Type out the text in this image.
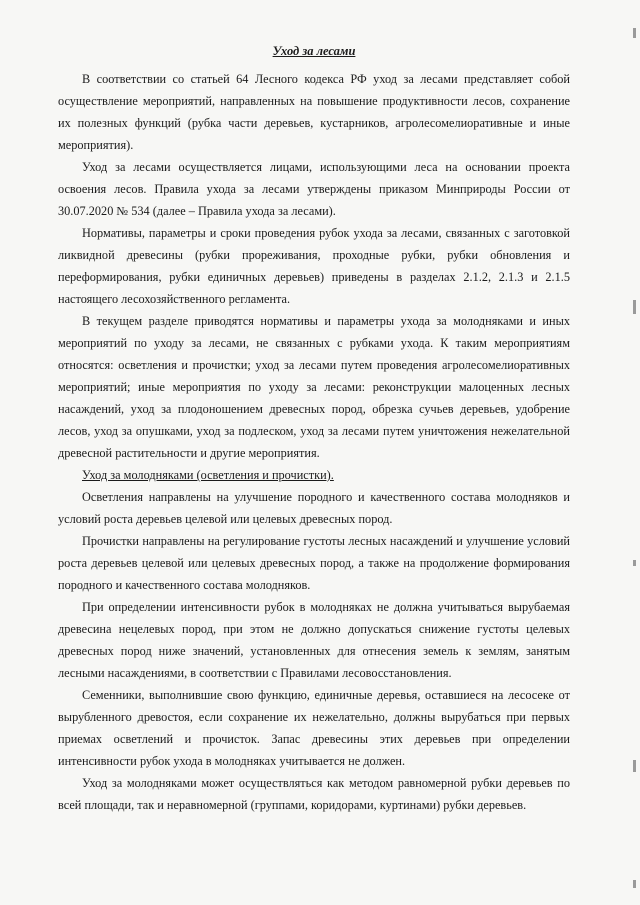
Уход за лесами

В соответствии со статьей 64 Лесного кодекса РФ уход за лесами представляет собой осуществление мероприятий, направленных на повышение продуктивности лесов, сохранение их полезных функций (рубка части деревьев, кустарников, агролесомелиоративные и иные мероприятия).

Уход за лесами осуществляется лицами, использующими леса на основании проекта освоения лесов. Правила ухода за лесами утверждены приказом Минприроды России от 30.07.2020 № 534 (далее – Правила ухода за лесами).

Нормативы, параметры и сроки проведения рубок ухода за лесами, связанных с заготовкой ликвидной древесины (рубки прореживания, проходные рубки, рубки обновления и переформирования, рубки единичных деревьев) приведены в разделах 2.1.2, 2.1.3 и 2.1.5 настоящего лесохозяйственного регламента.

В текущем разделе приводятся нормативы и параметры ухода за молодняками и иных мероприятий по уходу за лесами, не связанных с рубками ухода. К таким мероприятиям относятся: осветления и прочистки; уход за лесами путем проведения агролесомелиоративных мероприятий; иные мероприятия по уходу за лесами: реконструкции малоценных лесных насаждений, уход за плодоношением древесных пород, обрезка сучьев деревьев, удобрение лесов, уход за опушками, уход за подлеском, уход за лесами путем уничтожения нежелательной древесной растительности и другие мероприятия.

Уход за молодняками (осветления и прочистки).

Осветления направлены на улучшение породного и качественного состава молодняков и условий роста деревьев целевой или целевых древесных пород.

Прочистки направлены на регулирование густоты лесных насаждений и улучшение условий роста деревьев целевой или целевых древесных пород, а также на продолжение формирования породного и качественного состава молодняков.

При определении интенсивности рубок в молодняках не должна учитываться вырубаемая древесина нецелевых пород, при этом не должно допускаться снижение густоты целевых древесных пород ниже значений, установленных для отнесения земель к землям, занятым лесными насаждениями, в соответствии с Правилами лесовосстановления.

Семенники, выполнившие свою функцию, единичные деревья, оставшиеся на лесосеке от вырубленного древостоя, если сохранение их нежелательно, должны вырубаться при первых приемах осветлений и прочисток. Запас древесины этих деревьев при определении интенсивности рубок ухода в молодняках учитывается не должен.

Уход за молодняками может осуществляться как методом равномерной рубки деревьев по всей площади, так и неравномерной (группами, коридорами, куртинами) рубки деревьев.
